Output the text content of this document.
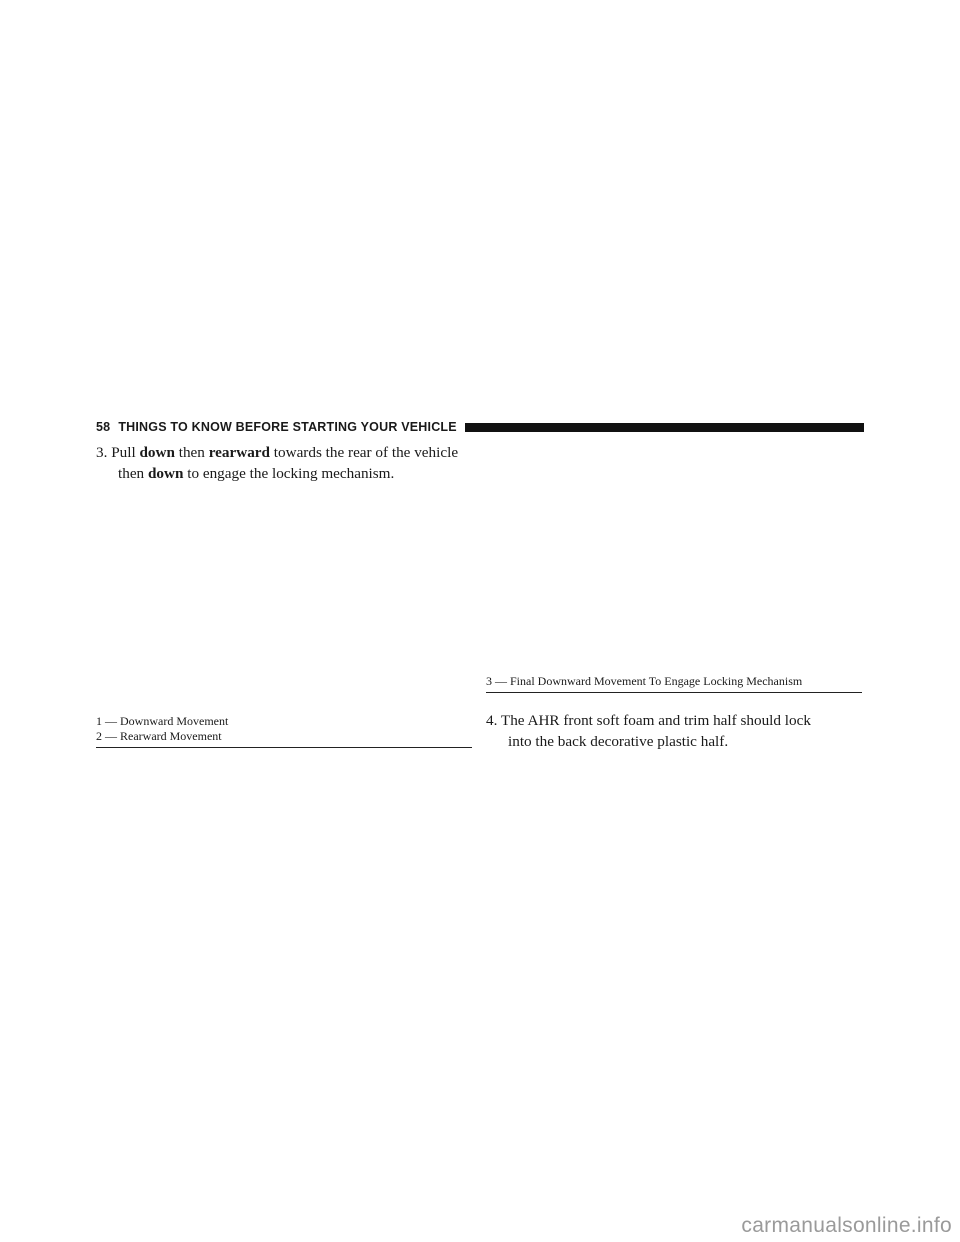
58 THINGS TO KNOW BEFORE STARTING YOUR VEHICLE
3. Pull down then rearward towards the rear of the vehicle
then down to engage the locking mechanism.
3 — Final Downward Movement To Engage Locking Mechanism
1 — Downward Movement
2 — Rearward Movement
4. The AHR front soft foam and trim half should lock
into the back decorative plastic half.
carmanualsonline.info
